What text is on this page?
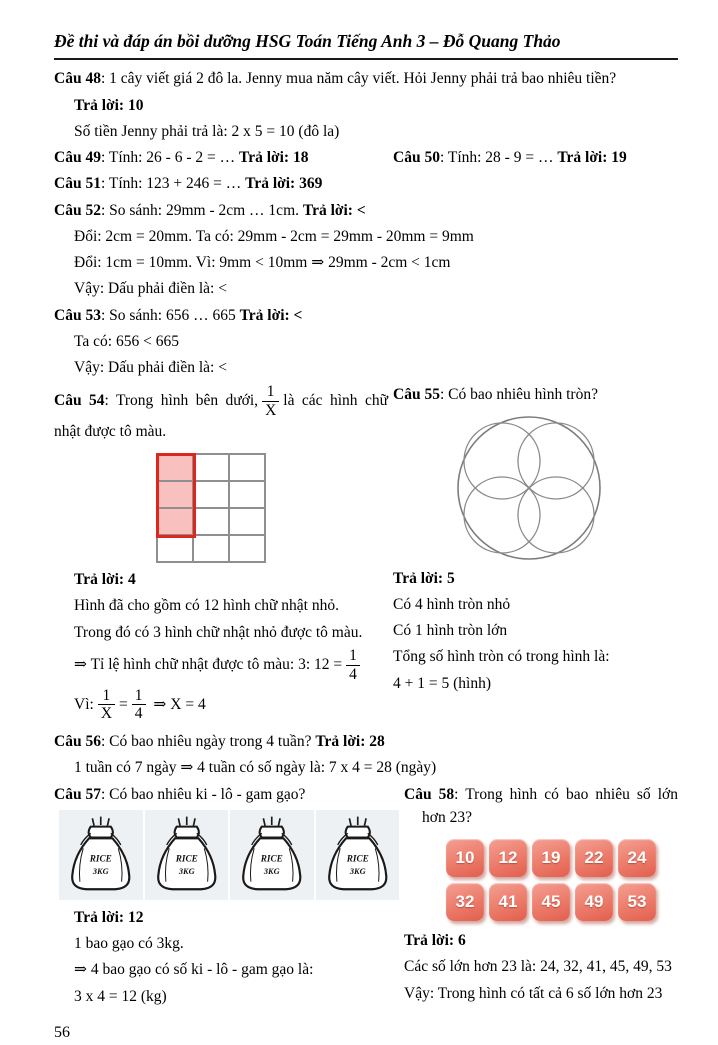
Đề thi và đáp án bồi dưỡng HSG Toán Tiếng Anh 3 – Đỗ Quang Thảo

Câu 48: 1 cây viết giá 2 đô la. Jenny mua năm cây viết. Hỏi Jenny phải trả bao nhiêu tiền?

Trả lời: 10

Số tiền Jenny phải trả là: 2 x 5 = 10 (đô la)

Câu 49: Tính: 26 - 6 - 2 = … Trả lời: 18	Câu 50: Tính: 28 - 9 = … Trả lời: 19

Câu 51: Tính: 123 + 246 = … Trả lời: 369

Câu 52: So sánh: 29mm - 2cm … 1cm. Trả lời: <

Đổi: 2cm = 20mm. Ta có: 29mm - 2cm = 29mm - 20mm = 9mm

Đổi: 1cm = 10mm. Vì: 9mm < 10mm ⇒ 29mm - 2cm < 1cm

Vậy: Dấu phải điền là: <

Câu 53: So sánh: 656 … 665 Trả lời: <

Ta có: 656 < 665

Vậy: Dấu phải điền là: <

Câu 54: Trong hình bên dưới, $\frac{1}{X}$ là các hình chữ nhật được tô màu.

Trả lời: 4

Hình đã cho gồm có 12 hình chữ nhật nhỏ.

Trong đó có 3 hình chữ nhật nhỏ được tô màu.

⇒ Tỉ lệ hình chữ nhật được tô màu: 3: $12 = \frac{1}{4}$

Vì: $\frac{1}{X} = \frac{1}{4}$ ⇒ X = 4

Câu 55: Có bao nhiêu hình tròn?

Trả lời: 5

Có 4 hình tròn nhỏ

Có 1 hình tròn lớn

Tổng số hình tròn có trong hình là:

4 + 1 = 5 (hình)

Câu 56: Có bao nhiêu ngày trong 4 tuần? Trả lời: 28

1 tuần có 7 ngày ⇒ 4 tuần có số ngày là: 7 x 4 = 28 (ngày)

Câu 57: Có bao nhiêu ki - lô - gam gạo?

RICE
3KG
RICE
3KG
RICE
3KG
RICE
3KG

Trả lời: 12

1 bao gạo có 3kg.

⇒ 4 bao gạo có số ki - lô - gam gạo là:

3 x 4 = 12 (kg)

Câu 58: Trong hình có bao nhiêu số lớn hơn 23?

10	12	19	22	24
32	41	45	49	53

Trả lời: 6

Các số lớn hơn 23 là: 24, 32, 41, 45, 49, 53

Vậy: Trong hình có tất cả 6 số lớn hơn 23

56
